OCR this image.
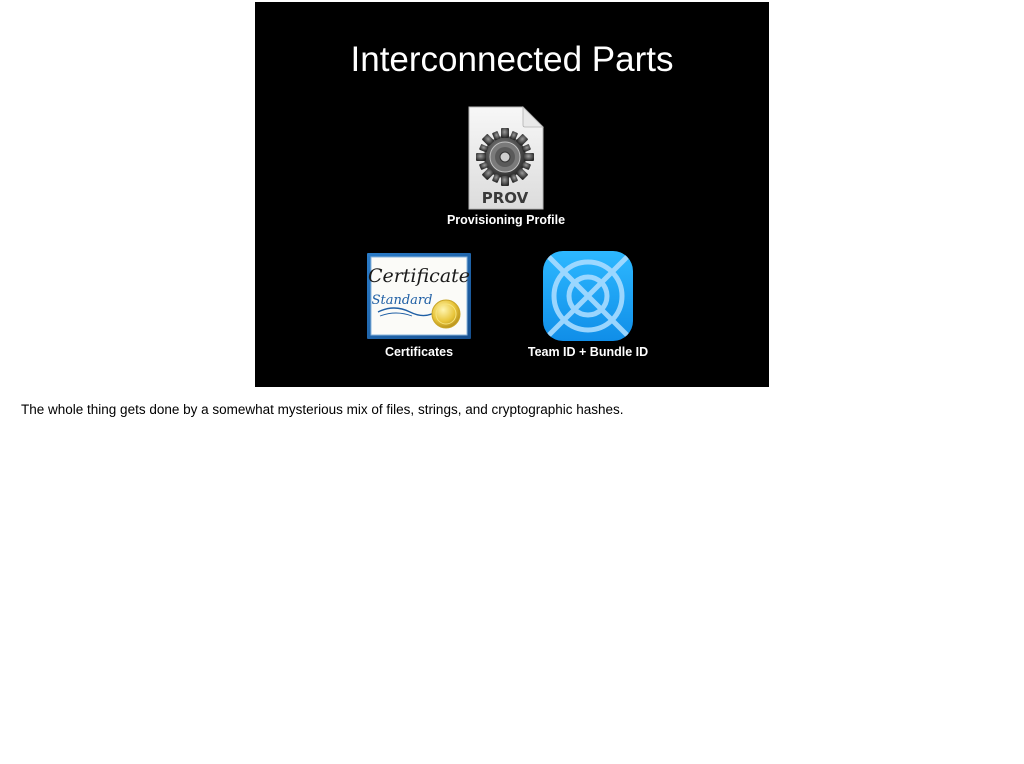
Interconnected Parts
PROV
Provisioning Profile
Certificate
Standard
Certificates	Team ID + Bundle ID
The whole thing gets done by a somewhat mysterious mix of files, strings, and cryptographic hashes.
